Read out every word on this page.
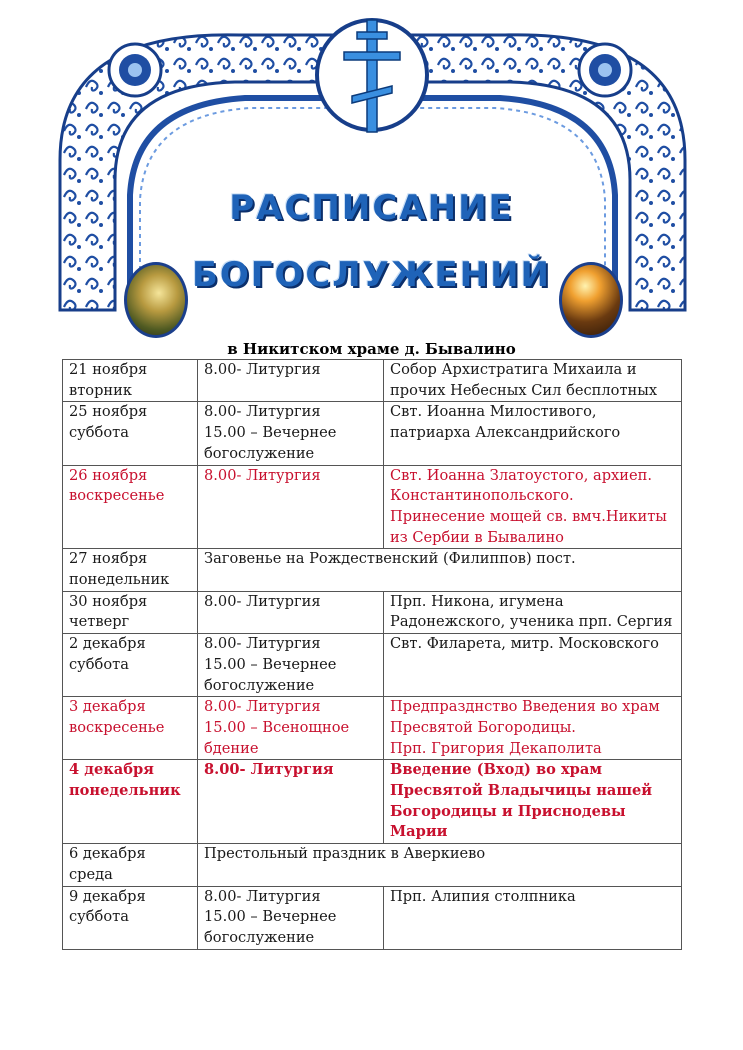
РАСПИСАНИЕ
БОГОСЛУЖЕНИЙ
в Никитском храме д. Бывалино
21 ноября
вторник	8.00- Литургия	Собор Архистратига Михаила и
прочих Небесных Сил бесплотных

25 ноября
суббота	8.00- Литургия
15.00 – Вечернее
богослужение	Свт. Иоанна Милостивого,
патриарха Александрийского

26 ноября
воскресенье	8.00- Литургия	Свт. Иоанна Златоустого, архиеп.
Константинопольского.
Принесение мощей св. вмч.Никиты
из Сербии в Бывалино

27 ноября
понедельник	Заговенье на Рождественский (Филиппов) пост.	

30 ноября
четверг	8.00- Литургия	Прп. Никона, игумена
Радонежского, ученика прп. Сергия

2 декабря
суббота	8.00- Литургия
15.00 – Вечернее
богослужение	Свт. Филарета, митр. Московского

3 декабря
воскресенье	8.00- Литургия
15.00 – Всенощное
бдение	Предпразднство Введения во храм
Пресвятой Богородицы.
Прп. Григория Декаполита

4 декабря
понедельник	8.00- Литургия	Введение (Вход) во храм
Пресвятой Владычицы нашей
Богородицы и Приснодевы
Марии

6 декабря
среда	Престольный праздник в Аверкиево	

9 декабря
суббота	8.00- Литургия
15.00 – Вечернее
богослужение	Прп. Алипия столпника
